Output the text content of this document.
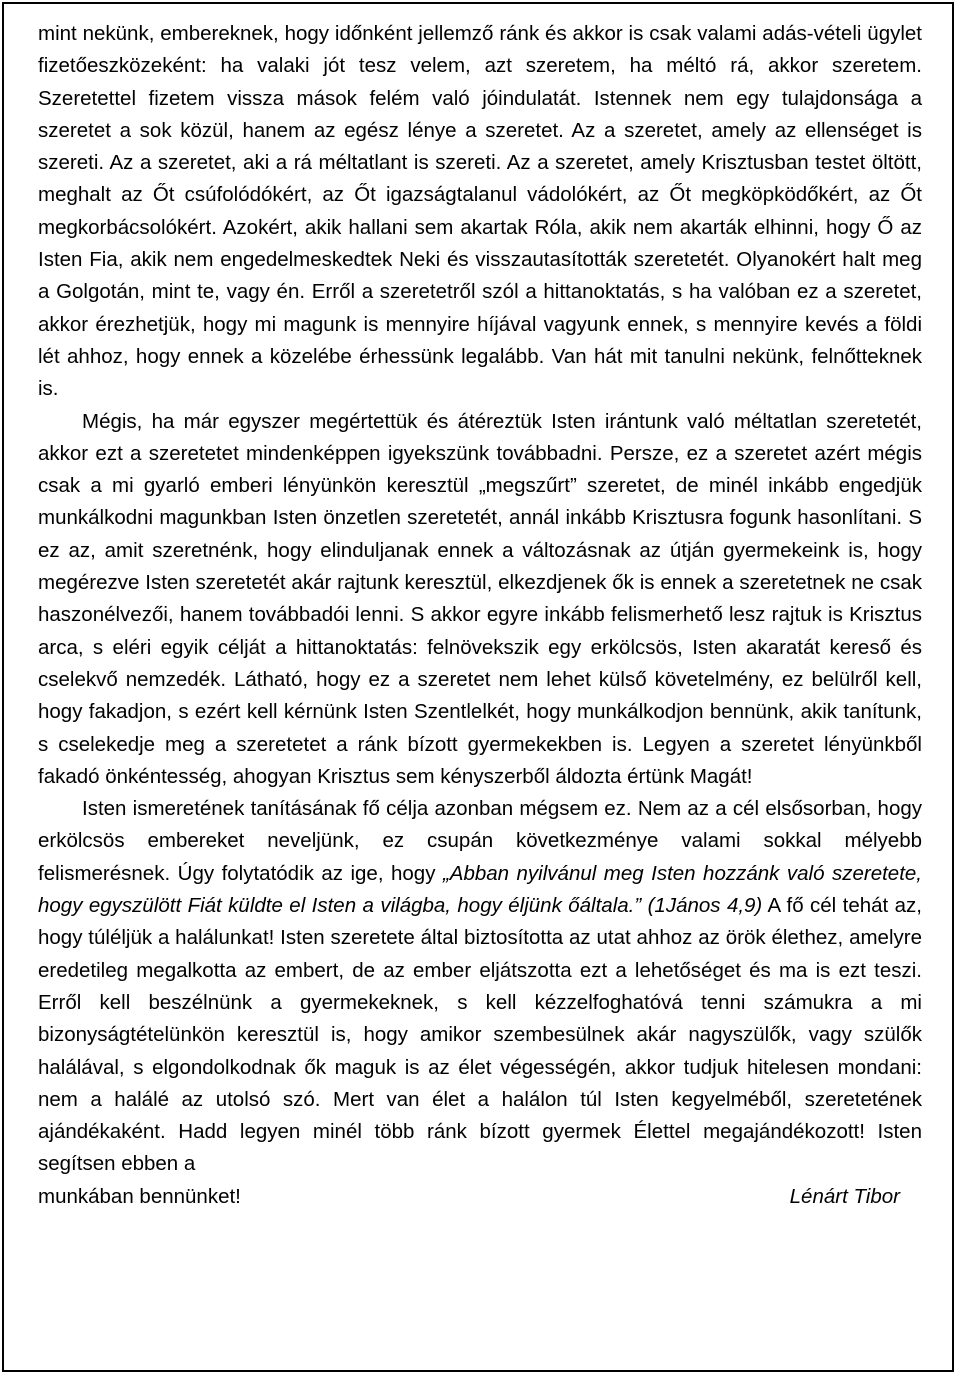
mint nekünk, embereknek, hogy időnként jellemző ránk és akkor is csak valami adás-vételi ügylet fizetőeszközeként: ha valaki jót tesz velem, azt szeretem, ha méltó rá, akkor szeretem. Szeretettel fizetem vissza mások felém való jóindulatát. Istennek nem egy tulajdonsága a szeretet a sok közül, hanem az egész lénye a szeretet. Az a szeretet, amely az ellenséget is szereti. Az a szeretet, aki a rá méltatlant is szereti. Az a szeretet, amely Krisztusban testet öltött, meghalt az Őt csúfolódókért, az Őt igazságtalanul vádolókért, az Őt megköpködőkért, az Őt megkorbácsolókért. Azokért, akik hallani sem akartak Róla, akik nem akarták elhinni, hogy Ő az Isten Fia, akik nem engedelmeskedtek Neki és visszautasították szeretetét. Olyanokért halt meg a Golgotán, mint te, vagy én. Erről a szeretetről szól a hittanoktatás, s ha valóban ez a szeretet, akkor érezhetjük, hogy mi magunk is mennyire híjával vagyunk ennek, s mennyire kevés a földi lét ahhoz, hogy ennek a közelébe érhessünk legalább. Van hát mit tanulni nekünk, felnőtteknek is.

Mégis, ha már egyszer megértettük és átéreztük Isten irántunk való méltatlan szeretetét, akkor ezt a szeretetet mindenképpen igyekszünk továbbadni. Persze, ez a szeretet azért mégis csak a mi gyarló emberi lényünkön keresztül „megszűrt” szeretet, de minél inkább engedjük munkálkodni magunkban Isten önzetlen szeretetét, annál inkább Krisztusra fogunk hasonlítani. S ez az, amit szeretnénk, hogy elinduljanak ennek a változásnak az útján gyermekeink is, hogy megérezve Isten szeretetét akár rajtunk keresztül, elkezdjenek ők is ennek a szeretetnek ne csak haszonélvezői, hanem továbbadói lenni. S akkor egyre inkább felismerhető lesz rajtuk is Krisztus arca, s eléri egyik célját a hittanoktatás: felnövekszik egy erkölcsös, Isten akaratát kereső és cselekvő nemzedék. Látható, hogy ez a szeretet nem lehet külső követelmény, ez belülről kell, hogy fakadjon, s ezért kell kérnünk Isten Szentlelkét, hogy munkálkodjon bennünk, akik tanítunk, s cselekedje meg a szeretetet a ránk bízott gyermekekben is. Legyen a szeretet lényünkből fakadó önkéntesség, ahogyan Krisztus sem kényszerből áldozta értünk Magát!

Isten ismeretének tanításának fő célja azonban mégsem ez. Nem az a cél elsősorban, hogy erkölcsös embereket neveljünk, ez csupán következménye valami sokkal mélyebb felismerésnek. Úgy folytatódik az ige, hogy „Abban nyilvánul meg Isten hozzánk való szeretete, hogy egyszülött Fiát küldte el Isten a világba, hogy éljünk őáltala.” (1János 4,9) A fő cél tehát az, hogy túléljük a halálunkat! Isten szeretete által biztosította az utat ahhoz az örök élethez, amelyre eredetileg megalkotta az embert, de az ember eljátszotta ezt a lehetőséget és ma is ezt teszi. Erről kell beszélnünk a gyermekeknek, s kell kézzelfoghatóvá tenni számukra a mi bizonyságtételünkön keresztül is, hogy amikor szembesülnek akár nagyszülők, vagy szülők halálával, s elgondolkodnak ők maguk is az élet végességén, akkor tudjuk hitelesen mondani: nem a halálé az utolsó szó. Mert van élet a halálon túl Isten kegyelméből, szeretetének ajándékaként. Hadd legyen minél több ránk bízott gyermek Élettel megajándékozott! Isten segítsen ebben a

munkában bennünket!	Lénárt Tibor
